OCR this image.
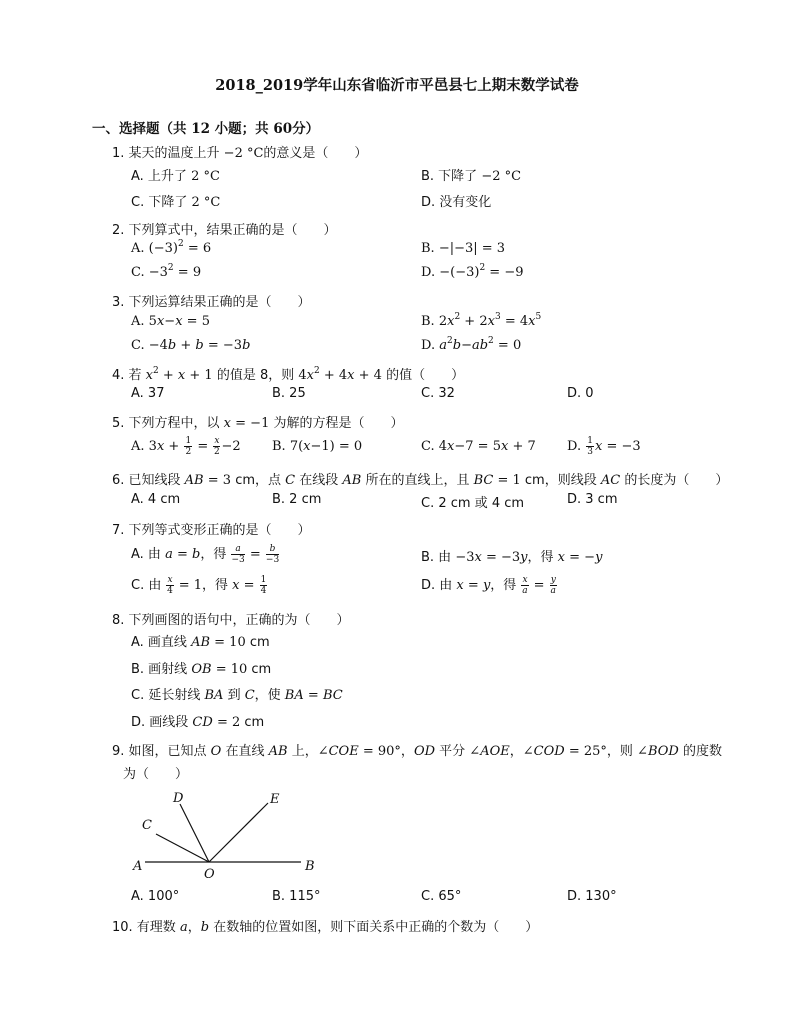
2018_2019学年山东省临沂市平邑县七上期末数学试卷
一、选择题（共 12 小题；共 60分）
1. 某天的温度上升 −2 °C的意义是（　　）
A. 上升了 2 °C	B. 下降了 −2 °C
C. 下降了 2 °C	D. 没有变化
2. 下列算式中，结果正确的是（　　）
A. $(-3)^2 = 6$	B. −|−3| = 3
C. $-3^2 = 9$	D. $-(-3)^2 = -9$
3. 下列运算结果正确的是（　　）
A. 5x−x = 5	B. $2x^2 + 2x^3 = 4x^5$
C. −4b + b = −3b	D. $a^2b-ab^2 = 0$
4. 若 $x^2 + x + 1$ 的值是 8，则 $4x^2 + 4x + 4$ 的值（　　）
A. 37	B. 25	C. 32	D. 0
5. 下列方程中，以 x = −1 为解的方程是（　　）
A. $3x + \frac{1}{2} = \frac{x}{2} -2$ B. 7(x−1) = 0	C. 4x−7 = 5x + 7 D. $\frac{1}{3}$ x = −3
6. 已知线段 AB = 3 cm，点 C 在线段 AB 所在的直线上，且 BC = 1 cm，则线段 AC 的长度为（　　）
A. 4 cm	B. 2 cm	C. 2 cm 或 4 cm	D. 3 cm
7. 下列等式变形正确的是（　　）
A. 由 a = b，得 $\frac{a}{-3} = \frac{b}{-3}$	B. 由 −3x = −3y，得 x = −y
C. 由 $\frac{x}{4} = 1$，得 $x = \frac{1}{4}$	D. 由 x = y，得 $\frac{x}{a} = \frac{y}{a}$
8. 下列画图的语句中，正确的为（　　）
A. 画直线 AB = 10 cm
B. 画射线 OB = 10 cm
C. 延长射线 BA 到 C，使 BA = BC
D. 画线段 CD = 2 cm
9. 如图，已知点 O 在直线 AB 上，∠COE = 90°，OD 平分 ∠AOE，∠COD = 25°，则 ∠BOD 的度数
为（　　）
A	B
C
D	E
O
A. 100°	B. 115°	C. 65°	D. 130°
10. 有理数 a，b 在数轴的位置如图，则下面关系中正确的个数为（　　）
